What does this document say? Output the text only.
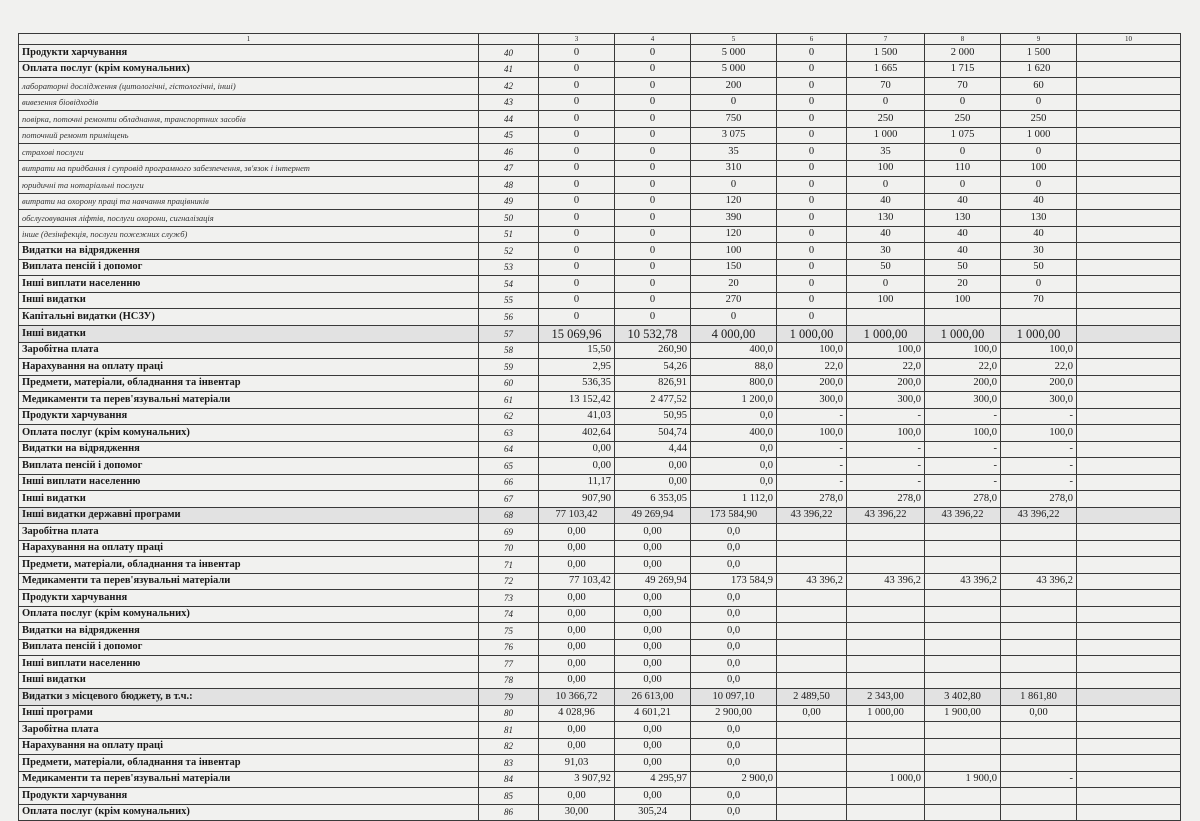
1		3	4	5	6	7	8	9	10
Продукти харчування	40	0	0	5 000	0	1 500	2 000	1 500	
Оплата послуг (крім комунальних)	41	0	0	5 000	0	1 665	1 715	1 620	
лабораторні дослідження (цитологічні, гістологічні, інші)	42	0	0	200	0	70	70	60	
вивезення біовідходів	43	0	0	0	0	0	0	0	
повірка, поточні ремонти обладнання, транспортних засобів	44	0	0	750	0	250	250	250	
поточний ремонт приміщень	45	0	0	3 075	0	1 000	1 075	1 000	
страхові послуги	46	0	0	35	0	35	0	0	
витрати на придбання і супровід програмного забезпечення, зв'язок і інтернет	47	0	0	310	0	100	110	100	
юридичні та нотаріальні послуги	48	0	0	0	0	0	0	0	
витрати на охорону праці та навчання працівників	49	0	0	120	0	40	40	40	
обслуговування ліфтів, послуги охорони, сигналізація	50	0	0	390	0	130	130	130	
інше (дезінфекція, послуги пожежних служб)	51	0	0	120	0	40	40	40	
Видатки на відрядження	52	0	0	100	0	30	40	30	
Виплата пенсій і допомог	53	0	0	150	0	50	50	50	
Інші виплати населенню	54	0	0	20	0	0	20	0	
Інші видатки	55	0	0	270	0	100	100	70	
Капітальні видатки (НСЗУ)	56	0	0	0	0				
Інші видатки	57	15 069,96	10 532,78	4 000,00	1 000,00	1 000,00	1 000,00	1 000,00	
Заробітна плата	58	15,50	260,90	400,0	100,0	100,0	100,0	100,0	
Нарахування на оплату праці	59	2,95	54,26	88,0	22,0	22,0	22,0	22,0	
Предмети, матеріали, обладнання та інвентар	60	536,35	826,91	800,0	200,0	200,0	200,0	200,0	
Медикаменти та перев'язувальні матеріали	61	13 152,42	2 477,52	1 200,0	300,0	300,0	300,0	300,0	
Продукти харчування	62	41,03	50,95	0,0	-	-	-	-	
Оплата послуг (крім комунальних)	63	402,64	504,74	400,0	100,0	100,0	100,0	100,0	
Видатки на відрядження	64	0,00	4,44	0,0	-	-	-	-	
Виплата пенсій і допомог	65	0,00	0,00	0,0	-	-	-	-	
Інші виплати населенню	66	11,17	0,00	0,0	-	-	-	-	
Інші видатки	67	907,90	6 353,05	1 112,0	278,0	278,0	278,0	278,0	
Інші видатки державні програми	68	77 103,42	49 269,94	173 584,90	43 396,22	43 396,22	43 396,22	43 396,22	
Заробітна плата	69	0,00	0,00	0,0					
Нарахування на оплату праці	70	0,00	0,00	0,0					
Предмети, матеріали, обладнання та інвентар	71	0,00	0,00	0,0					
Медикаменти та перев'язувальні матеріали	72	77 103,42	49 269,94	173 584,9	43 396,2	43 396,2	43 396,2	43 396,2	
Продукти харчування	73	0,00	0,00	0,0					
Оплата послуг (крім комунальних)	74	0,00	0,00	0,0					
Видатки на відрядження	75	0,00	0,00	0,0					
Виплата пенсій і допомог	76	0,00	0,00	0,0					
Інші виплати населенню	77	0,00	0,00	0,0					
Інші видатки	78	0,00	0,00	0,0					
Видатки з місцевого бюджету, в т.ч.:	79	10 366,72	26 613,00	10 097,10	2 489,50	2 343,00	3 402,80	1 861,80	
Інші програми	80	4 028,96	4 601,21	2 900,00	0,00	1 000,00	1 900,00	0,00	
Заробітна плата	81	0,00	0,00	0,0					
Нарахування на оплату праці	82	0,00	0,00	0,0					
Предмети, матеріали, обладнання та інвентар	83	91,03	0,00	0,0					
Медикаменти та перев'язувальні матеріали	84	3 907,92	4 295,97	2 900,0		1 000,0	1 900,0	-	
Продукти харчування	85	0,00	0,00	0,0					
Оплата послуг (крім комунальних)	86	30,00	305,24	0,0					
